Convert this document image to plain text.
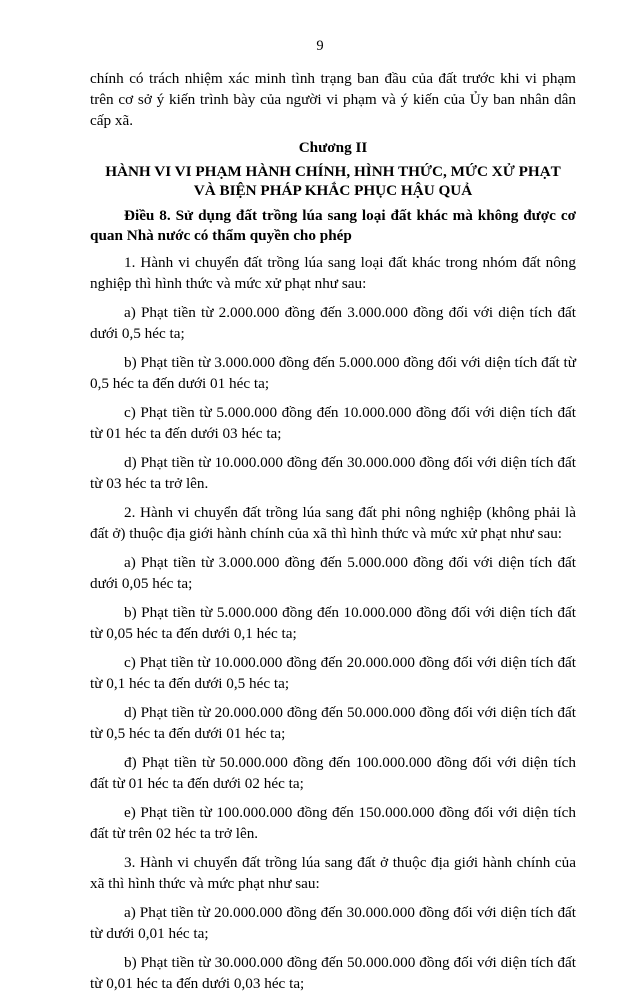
9

chính có trách nhiệm xác minh tình trạng ban đầu của đất trước khi vi phạm trên cơ sở ý kiến trình bày của người vi phạm và ý kiến của Ủy ban nhân dân cấp xã.

Chương II
HÀNH VI VI PHẠM HÀNH CHÍNH, HÌNH THỨC, MỨC XỬ PHẠT VÀ BIỆN PHÁP KHẮC PHỤC HẬU QUẢ

Điều 8. Sử dụng đất trồng lúa sang loại đất khác mà không được cơ quan Nhà nước có thẩm quyền cho phép

1. Hành vi chuyển đất trồng lúa sang loại đất khác trong nhóm đất nông nghiệp thì hình thức và mức xử phạt như sau:

a) Phạt tiền từ 2.000.000 đồng đến 3.000.000 đồng đối với diện tích đất dưới 0,5 héc ta;

b) Phạt tiền từ 3.000.000 đồng đến 5.000.000 đồng đối với diện tích đất từ 0,5 héc ta đến dưới 01 héc ta;

c) Phạt tiền từ 5.000.000 đồng đến 10.000.000 đồng đối với diện tích đất từ 01 héc ta đến dưới 03 héc ta;

d) Phạt tiền từ 10.000.000 đồng đến 30.000.000 đồng đối với diện tích đất từ 03 héc ta trở lên.

2. Hành vi chuyển đất trồng lúa sang đất phi nông nghiệp (không phải là đất ở) thuộc địa giới hành chính của xã thì hình thức và mức xử phạt như sau:

a) Phạt tiền từ 3.000.000 đồng đến 5.000.000 đồng đối với diện tích đất dưới 0,05 héc ta;

b) Phạt tiền từ 5.000.000 đồng đến 10.000.000 đồng đối với diện tích đất từ 0,05 héc ta đến dưới 0,1 héc ta;

c) Phạt tiền từ 10.000.000 đồng đến 20.000.000 đồng đối với diện tích đất từ 0,1 héc ta đến dưới 0,5 héc ta;

d) Phạt tiền từ 20.000.000 đồng đến 50.000.000 đồng đối với diện tích đất từ 0,5 héc ta đến dưới 01 héc ta;

đ) Phạt tiền từ 50.000.000 đồng đến 100.000.000 đồng đối với diện tích đất từ 01 héc ta đến dưới 02 héc ta;

e) Phạt tiền từ 100.000.000 đồng đến 150.000.000 đồng đối với diện tích đất từ trên 02 héc ta trở lên.

3. Hành vi chuyển đất trồng lúa sang đất ở thuộc địa giới hành chính của xã thì hình thức và mức phạt như sau:

a) Phạt tiền từ 20.000.000 đồng đến 30.000.000 đồng đối với diện tích đất từ dưới 0,01 héc ta;

b) Phạt tiền từ 30.000.000 đồng đến 50.000.000 đồng đối với diện tích đất từ 0,01 héc ta đến dưới 0,03 héc ta;
